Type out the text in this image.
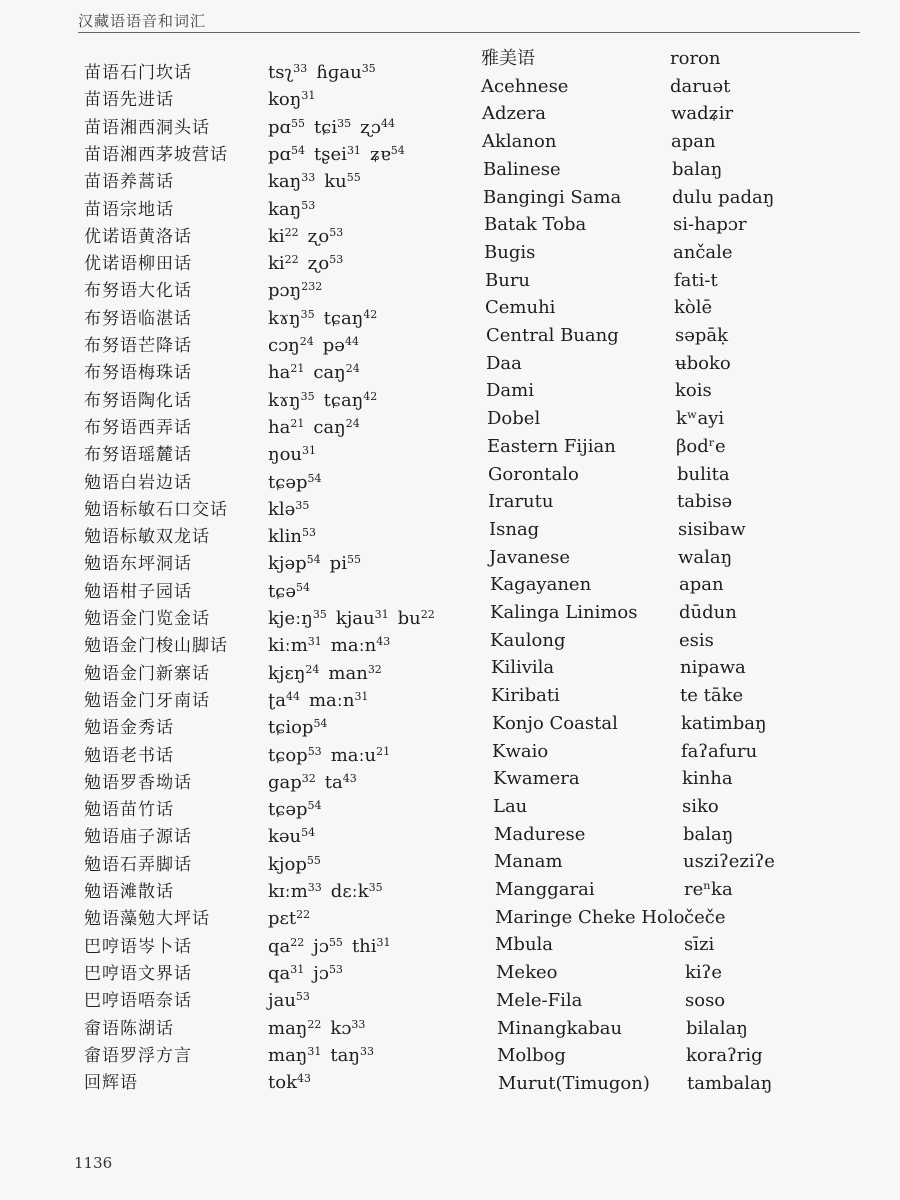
汉藏语语音和词汇
苗语石门坎话
苗语先进话
苗语湘西洞头话
苗语湘西茅坡营话
苗语养蒿话
苗语宗地话
优诺语黄洛话
优诺语柳田话
布努语大化话
布努语临湛话
布努语芒降话
布努语梅珠话
布努语陶化话
布努语西弄话
布努语瑶麓话
勉语白岩边话
勉语标敏石口交话
勉语标敏双龙话
勉语东坪洞话
勉语柑子园话
勉语金门览金话
勉语金门梭山脚话
勉语金门新寨话
勉语金门牙南话
勉语金秀话
勉语老书话
勉语罗香坳话
勉语苗竹话
勉语庙子源话
勉语石弄脚话
勉语滩散话
勉语藻勉大坪话
巴哼语岑卜话
巴哼语文界话
巴哼语唔奈话
畲语陈湖话
畲语罗浮方言
回辉语
tsʅ$^{33}$  ɦɡau$^{35}$
koŋ$^{31}$
pɑ$^{55}$  tɕi$^{35}$  ʐɔ$^{44}$
pɑ$^{54}$  tʂei$^{31}$  ʑɐ$^{54}$
kaŋ$^{33}$  $ku^{55}$
kaŋ$^{53}$
$ki^{22}$  ʐo$^{53}$
$ki^{22}$  ʐo$^{53}$
pɔŋ$^{232}$
kɤŋ$^{35}$  tɕaŋ$^{42}$
cɔŋ$^{24}$  pə$^{44}$
$ha^{21}$  caŋ$^{24}$
kɤŋ$^{35}$  tɕaŋ$^{42}$
$ha^{21}$  caŋ$^{24}$
ŋou$^{31}$
tɕəp$^{54}$
klə$^{35}$
klin$^{53}$
kjəp$^{54}$  $pi^{55}$
tɕə$^{54}$
kjeːŋ$^{35}$  kjau$^{31}$  $bu^{22}$
kiːm$^{31}$  maːn$^{43}$
kjɛŋ$^{24}$  man$^{32}$
ʈa$^{44}$  maːn$^{31}$
tɕiop$^{54}$
tɕop$^{53}$  maːu$^{21}$
gap$^{32}$  $ta^{43}$
tɕəp$^{54}$
kəu$^{54}$
kjop$^{55}$
kɪːm$^{33}$  dɛːk$^{35}$
pɛt$^{22}$
$qa^{22}$  jɔ$^{55}$  thi$^{31}$
$qa^{31}$  jɔ$^{53}$
jau$^{53}$
maŋ$^{22}$  kɔ$^{33}$
maŋ$^{31}$  taŋ$^{33}$
tok$^{43}$
雅美语
Acehnese
Adzera
Aklanon
Balinese
Bangingi Sama
Batak Toba
Bugis
Buru
Cemuhi
Central Buang
Daa
Dami
Dobel
Eastern Fijian
Gorontalo
Irarutu
Isnag
Javanese
Kagayanen
Kalinga Linimos
Kaulong
Kilivila
Kiribati
Konjo Coastal
Kwaio
Kwamera
Lau
Madurese
Manam
Manggarai
Maringe Cheke Holo
Mbula
Mekeo
Mele-Fila
Minangkabau
Molbog
Murut(Timugon)
roron
daruət
wadʑir
apan
balaŋ
dulu padaŋ
si-hapɔr
ančale
fati-t
kòlē
səpāḳ
ʉboko
kois
kʷayi
βodʳe
bulita
tabisə
sisibaw
walaŋ
apan
dūdun
esis
nipawa
te tāke
katimbaŋ
faʔafuru
kinha
siko
balaŋ
usziʔeziʔe
reⁿka
čeče
sīzi
kiʔe
soso
bilalaŋ
koraʔrig
tambalaŋ
1136
